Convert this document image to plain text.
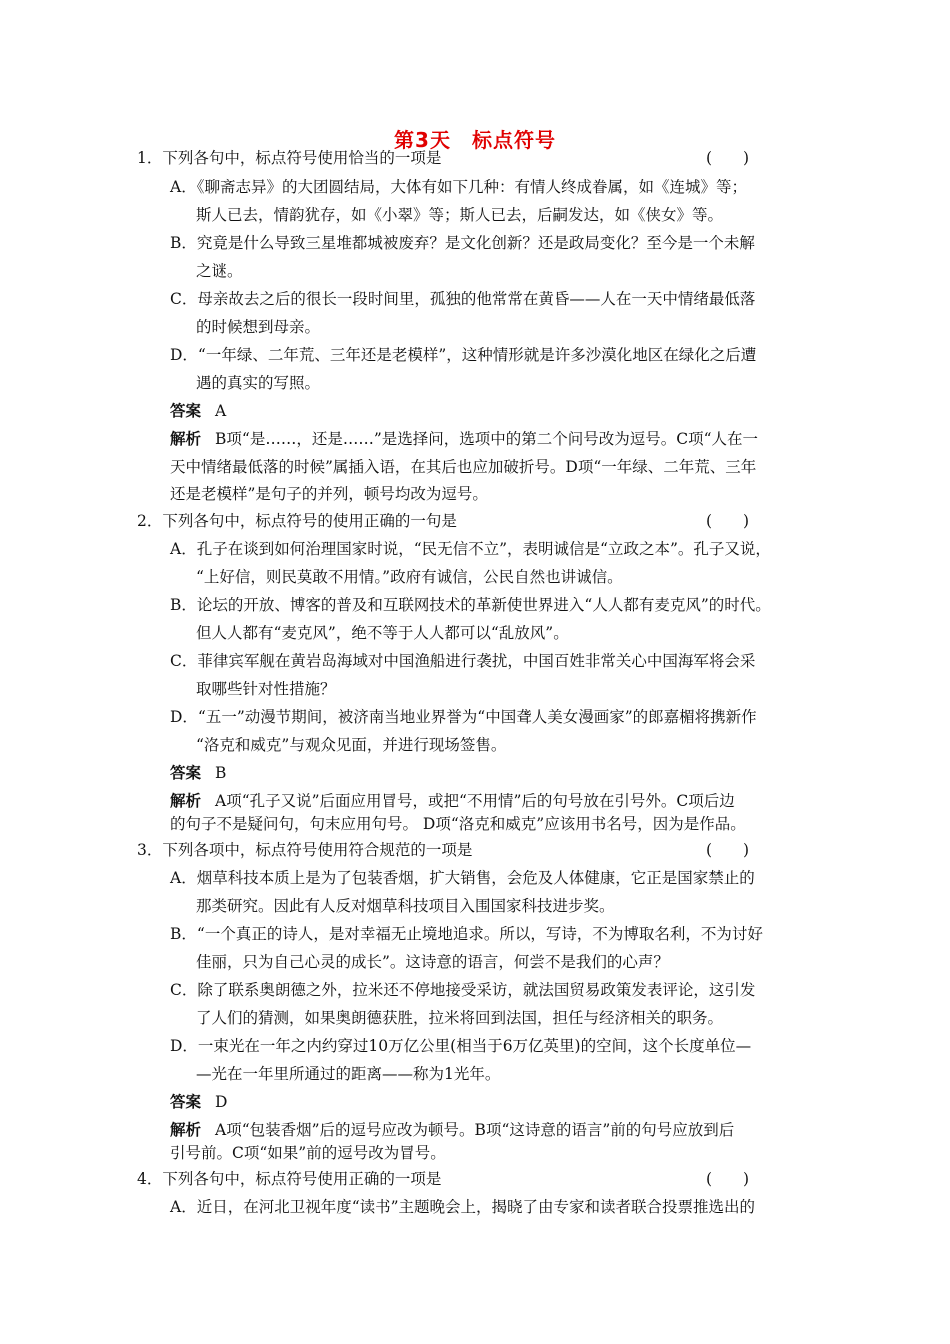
第3天　标点符号
1．下列各句中，标点符号使用恰当的一项是	(　　)
A．《聊斋志异》的大团圆结局，大体有如下几种：有情人终成眷属，如《连城》等；
斯人已去，情韵犹存，如《小翠》等；斯人已去，后嗣发达，如《侠女》等。
B．究竟是什么导致三星堆都城被废弃？是文化创新？还是政局变化？至今是一个未解
之谜。
C．母亲故去之后的很长一段时间里，孤独的他常常在黄昏——人在一天中情绪最低落
的时候想到母亲。
D．“一年绿、二年荒、三年还是老模样”，这种情形就是许多沙漠化地区在绿化之后遭
遇的真实的写照。
答案 A
解析 B项“是……，还是……”是选择问，选项中的第二个问号改为逗号。C项“人在一
天中情绪最低落的时候”属插入语，在其后也应加破折号。D项“一年绿、二年荒、三年
还是老模样”是句子的并列，顿号均改为逗号。
2．下列各句中，标点符号的使用正确的一句是	(　　)
A．孔子在谈到如何治理国家时说，“民无信不立”，表明诚信是“立政之本”。孔子又说，
“上好信，则民莫敢不用情。”政府有诚信，公民自然也讲诚信。
B．论坛的开放、博客的普及和互联网技术的革新使世界进入“人人都有麦克风”的时代。
但人人都有“麦克风”，绝不等于人人都可以“乱放风”。
C．菲律宾军舰在黄岩岛海域对中国渔船进行袭扰，中国百姓非常关心中国海军将会采
取哪些针对性措施？
D．“五一”动漫节期间，被济南当地业界誉为“中国聋人美女漫画家”的郎嘉楣将携新作
“洛克和威克”与观众见面，并进行现场签售。
答案 B
解析 A项“孔子又说”后面应用冒号，或把“不用情”后的句号放在引号外。C项后边
的句子不是疑问句，句末应用句号。 D项“洛克和威克”应该用书名号，因为是作品。
3．下列各项中，标点符号使用符合规范的一项是	(　　)
A．烟草科技本质上是为了包装香烟，扩大销售，会危及人体健康，它正是国家禁止的
那类研究。因此有人反对烟草科技项目入围国家科技进步奖。
B．“一个真正的诗人，是对幸福无止境地追求。所以，写诗，不为博取名利，不为讨好
佳丽，只为自己心灵的成长”。这诗意的语言，何尝不是我们的心声？
C．除了联系奥朗德之外，拉米还不停地接受采访，就法国贸易政策发表评论，这引发
了人们的猜测，如果奥朗德获胜，拉米将回到法国，担任与经济相关的职务。
D．一束光在一年之内约穿过10万亿公里(相当于6万亿英里)的空间，这个长度单位—
—光在一年里所通过的距离——称为1光年。
答案 D
解析 A项“包装香烟”后的逗号应改为顿号。B项“这诗意的语言”前的句号应放到后
引号前。C项“如果”前的逗号改为冒号。
4．下列各句中，标点符号使用正确的一项是	(　　)
A．近日，在河北卫视年度“读书”主题晚会上，揭晓了由专家和读者联合投票推选出的
